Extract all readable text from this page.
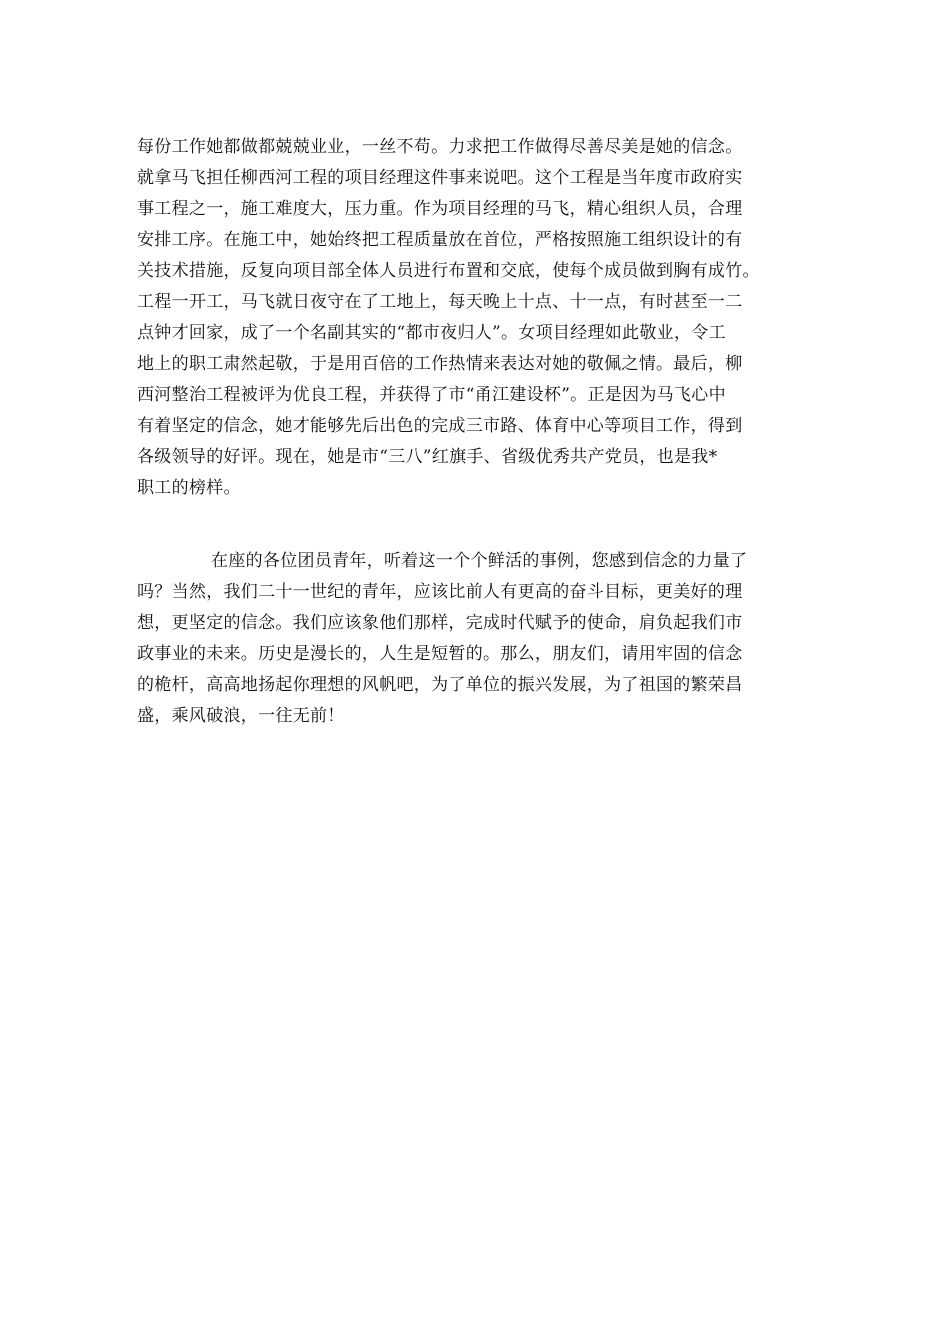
每份工作她都做都兢兢业业，一丝不苟。力求把工作做得尽善尽美是她的信念。
就拿马飞担任柳西河工程的项目经理这件事来说吧。这个工程是当年度市政府实
事工程之一，施工难度大，压力重。作为项目经理的马飞，精心组织人员，合理
安排工序。在施工中，她始终把工程质量放在首位，严格按照施工组织设计的有
关技术措施，反复向项目部全体人员进行布置和交底，使每个成员做到胸有成竹。
工程一开工，马飞就日夜守在了工地上，每天晚上十点、十一点，有时甚至一二
点钟才回家，成了一个名副其实的“都市夜归人”。女项目经理如此敬业，令工
地上的职工肃然起敬，于是用百倍的工作热情来表达对她的敬佩之情。最后，柳
西河整治工程被评为优良工程，并获得了市“甬江建设杯”。正是因为马飞心中
有着坚定的信念，她才能够先后出色的完成三市路、体育中心等项目工作，得到
各级领导的好评。现在，她是市“三八”红旗手、省级优秀共产党员，也是我*
职工的榜样。
在座的各位团员青年，听着这一个个鲜活的事例，您感到信念的力量了
吗？当然，我们二十一世纪的青年，应该比前人有更高的奋斗目标，更美好的理
想，更坚定的信念。我们应该象他们那样，完成时代赋予的使命，肩负起我们市
政事业的未来。历史是漫长的，人生是短暂的。那么，朋友们，请用牢固的信念
的桅杆，高高地扬起你理想的风帆吧，为了单位的振兴发展，为了祖国的繁荣昌
盛，乘风破浪，一往无前！
